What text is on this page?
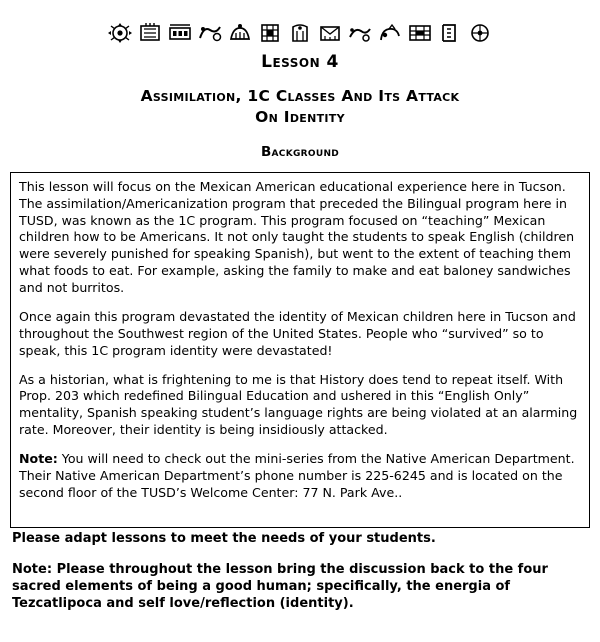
Lesson 4
Assimilation, 1C Classes And Its Attack
On Identity
Background

This lesson will focus on the Mexican American educational experience here in Tucson. The assimilation/Americanization program that preceded the Bilingual program here in TUSD, was known as the 1C program. This program focused on “teaching” Mexican children how to be Americans. It not only taught the students to speak English (children were severely punished for speaking Spanish), but went to the extent of teaching them what foods to eat. For example, asking the family to make and eat baloney sandwiches and not burritos.

Once again this program devastated the identity of Mexican children here in Tucson and throughout the Southwest region of the United States. People who “survived” so to speak, this 1C program identity were devastated!

As a historian, what is frightening to me is that History does tend to repeat itself. With Prop. 203 which redefined Bilingual Education and ushered in this “English Only” mentality, Spanish speaking student’s language rights are being violated at an alarming rate. Moreover, their identity is being insidiously attacked.

Note: You will need to check out the mini-series from the Native American Department. Their Native American Department’s phone number is 225-6245 and is located on the second floor of the TUSD’s Welcome Center: 77 N. Park Ave..

Please adapt lessons to meet the needs of your students.

Note: Please throughout the lesson bring the discussion back to the four sacred elements of being a good human; specifically, the energia of Tezcatlipoca and self love/reflection (identity).
